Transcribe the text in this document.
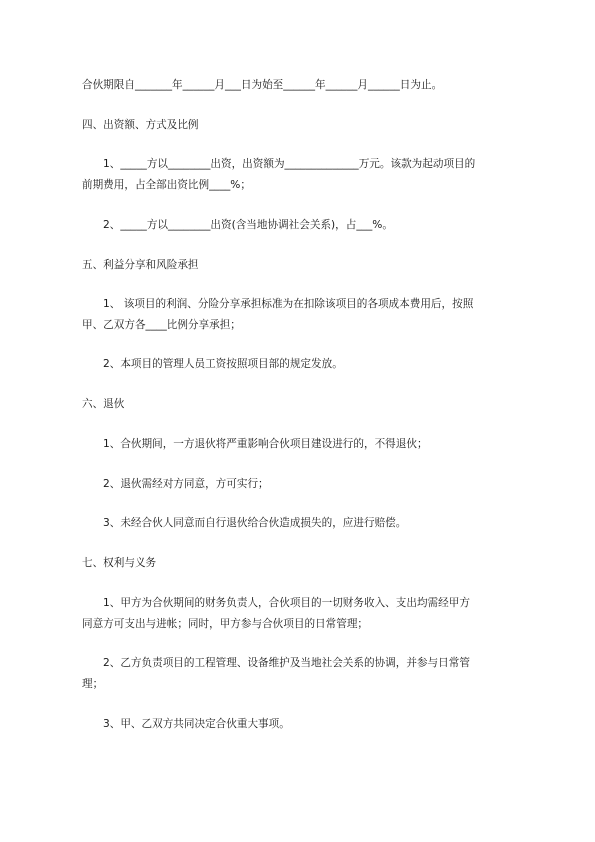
合伙期限自_______年______月___日为始至______年______月______日为止。
四、出资额、方式及比例
1、_____方以________出资，出资额为______________万元。该款为起动项目的
前期费用，占全部出资比例____%；
2、_____方以________出资(含当地协调社会关系)，占___%。
五、利益分享和风险承担
1、 该项目的利润、分险分享承担标准为在扣除该项目的各项成本费用后，按照
甲、乙双方各____比例分享承担；
2、本项目的管理人员工资按照项目部的规定发放。
六、退伙
1、合伙期间，一方退伙将严重影响合伙项目建设进行的，不得退伙；
2、退伙需经对方同意，方可实行；
3、未经合伙人同意而自行退伙给合伙造成损失的，应进行赔偿。
七、权利与义务
1、甲方为合伙期间的财务负责人，合伙项目的一切财务收入、支出均需经甲方
同意方可支出与进帐；同时，甲方参与合伙项目的日常管理；
2、乙方负责项目的工程管理、设备维护及当地社会关系的协调，并参与日常管
理；
3、甲、乙双方共同决定合伙重大事项。
